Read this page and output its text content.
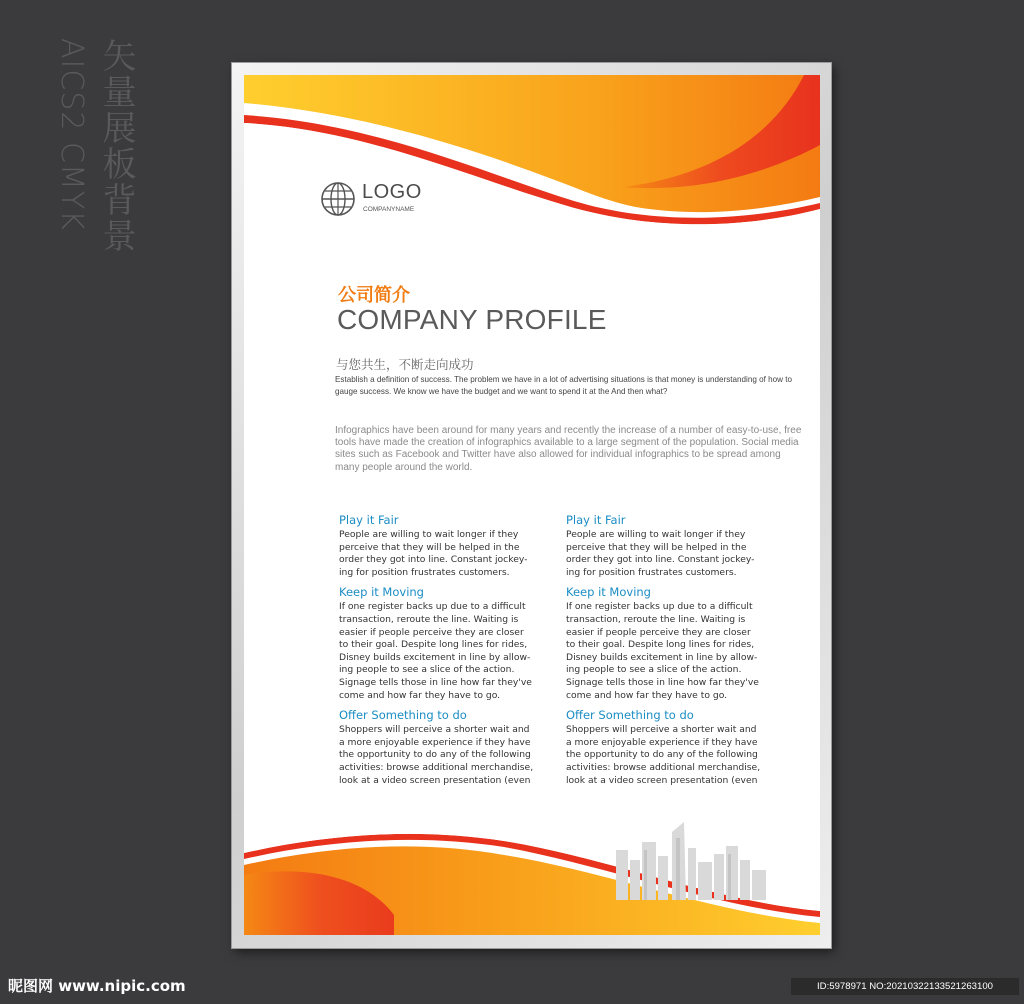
矢量展板背景
AICS2 CMYK	LOGO
COMPANYNAME
公司简介
COMPANY PROFILE
与您共生，不断走向成功
Establish a definition of success. The problem we have in a lot of advertising situations is that money is understanding of how to gauge success. We know we have the budget and we want to spend it at the And then what?
Infographics have been around for many years and recently the increase of a number of easy-to-use, free tools have made the creation of infographics available to a large segment of the population. Social media sites such as Facebook and Twitter have also allowed for individual infographics to be spread among many people around the world.
Play it Fair
People are willing to wait longer if they
perceive that they will be helped in the
order they got into line. Constant jockey-
ing for position frustrates customers.
Keep it Moving
If one register backs up due to a difficult
transaction, reroute the line. Waiting is
easier if people perceive they are closer
to their goal. Despite long lines for rides,
Disney builds excitement in line by allow-
ing people to see a slice of the action.
Signage tells those in line how far they've
come and how far they have to go.
Offer Something to do
Shoppers will perceive a shorter wait and
a more enjoyable experience if they have
the opportunity to do any of the following
activities: browse additional merchandise,
look at a video screen presentation (even
Play it Fair
People are willing to wait longer if they
perceive that they will be helped in the
order they got into line. Constant jockey-
ing for position frustrates customers.
Keep it Moving
If one register backs up due to a difficult
transaction, reroute the line. Waiting is
easier if people perceive they are closer
to their goal. Despite long lines for rides,
Disney builds excitement in line by allow-
ing people to see a slice of the action.
Signage tells those in line how far they've
come and how far they have to go.
Offer Something to do
Shoppers will perceive a shorter wait and
a more enjoyable experience if they have
the opportunity to do any of the following
activities: browse additional merchandise,
look at a video screen presentation (even
昵图网 www.nipic.com	ID:5978971 NO:20210322133521263100
